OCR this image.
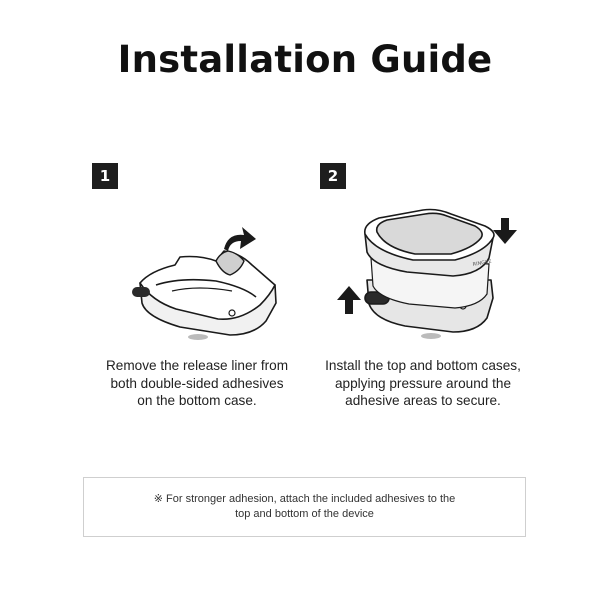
Installation Guide
1
Remove the release liner from
both double-sided adhesives
on the bottom case.
2
RINGKE
Install the top and bottom cases,
applying pressure around the
adhesive areas to secure.
※ For stronger adhesion, attach the included adhesives to the
top and bottom of the device
